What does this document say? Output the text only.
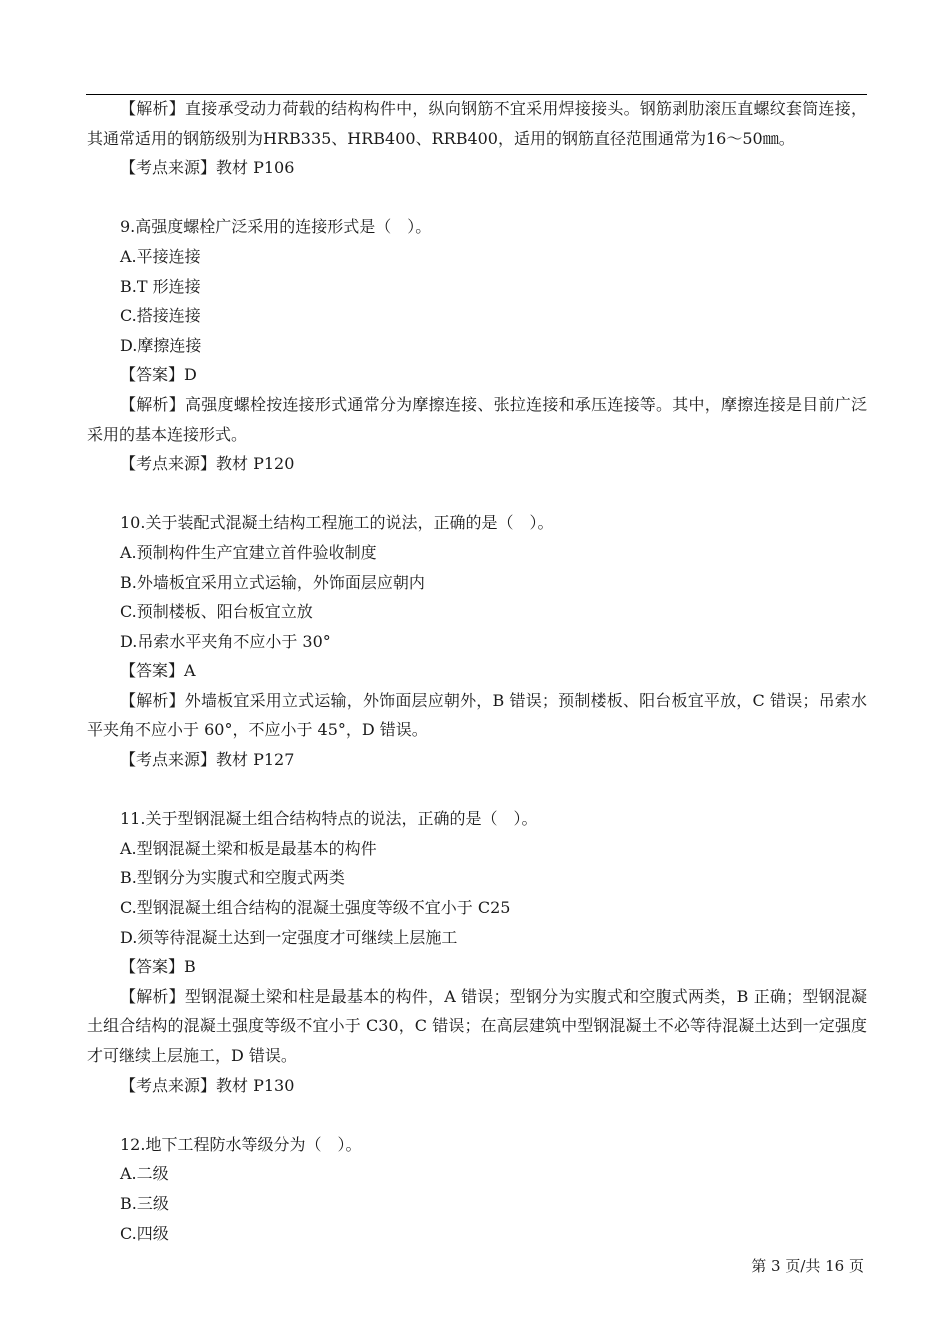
【解析】直接承受动力荷载的结构构件中，纵向钢筋不宜采用焊接接头。钢筋剥肋滚压直螺纹套筒连接，其通常适用的钢筋级别为HRB335、HRB400、RRB400，适用的钢筋直径范围通常为16～50㎜。
【考点来源】教材 P106
9.高强度螺栓广泛采用的连接形式是（　）。
A.平接连接
B.T 形连接
C.搭接连接
D.摩擦连接
【答案】D
【解析】高强度螺栓按连接形式通常分为摩擦连接、张拉连接和承压连接等。其中，摩擦连接是目前广泛采用的基本连接形式。
【考点来源】教材 P120
10.关于装配式混凝土结构工程施工的说法，正确的是（　）。
A.预制构件生产宜建立首件验收制度
B.外墙板宜采用立式运输，外饰面层应朝内
C.预制楼板、阳台板宜立放
D.吊索水平夹角不应小于 30°
【答案】A
【解析】外墙板宜采用立式运输，外饰面层应朝外，B 错误；预制楼板、阳台板宜平放，C 错误；吊索水平夹角不应小于 60°，不应小于 45°，D 错误。
【考点来源】教材 P127
11.关于型钢混凝土组合结构特点的说法，正确的是（　）。
A.型钢混凝土梁和板是最基本的构件
B.型钢分为实腹式和空腹式两类
C.型钢混凝土组合结构的混凝土强度等级不宜小于 C25
D.须等待混凝土达到一定强度才可继续上层施工
【答案】B
【解析】型钢混凝土梁和柱是最基本的构件，A 错误；型钢分为实腹式和空腹式两类，B 正确；型钢混凝土组合结构的混凝土强度等级不宜小于 C30，C 错误；在高层建筑中型钢混凝土不必等待混凝土达到一定强度才可继续上层施工，D 错误。
【考点来源】教材 P130
12.地下工程防水等级分为（　）。
A.二级
B.三级
C.四级
第 3 页/共 16 页
